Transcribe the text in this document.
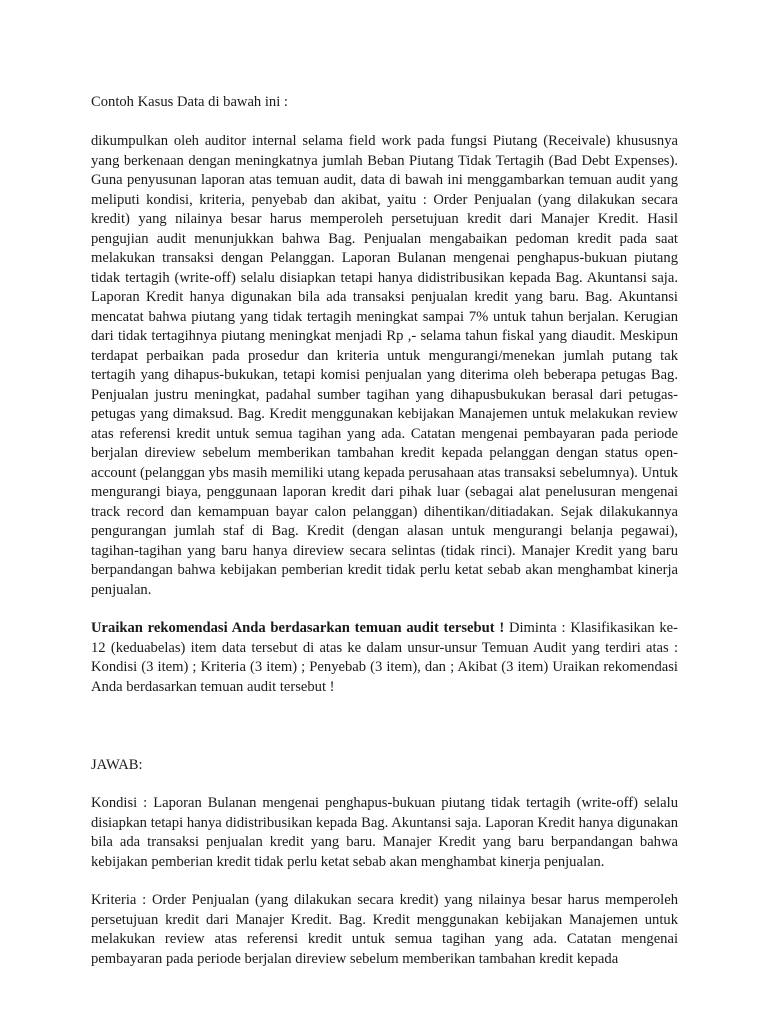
Contoh Kasus Data di bawah ini :

dikumpulkan oleh auditor internal selama field work pada fungsi Piutang (Receivale) khususnya yang berkenaan dengan meningkatnya jumlah Beban Piutang Tidak Tertagih (Bad Debt Expenses). Guna penyusunan laporan atas temuan audit, data di bawah ini menggambarkan temuan audit yang meliputi kondisi, kriteria, penyebab dan akibat, yaitu : Order Penjualan (yang dilakukan secara kredit) yang nilainya besar harus memperoleh persetujuan kredit dari Manajer Kredit. Hasil pengujian audit menunjukkan bahwa Bag. Penjualan mengabaikan pedoman kredit pada saat melakukan transaksi dengan Pelanggan. Laporan Bulanan mengenai penghapus-bukuan piutang tidak tertagih (write-off) selalu disiapkan tetapi hanya didistribusikan kepada Bag. Akuntansi saja. Laporan Kredit hanya digunakan bila ada transaksi penjualan kredit yang baru. Bag. Akuntansi mencatat bahwa piutang yang tidak tertagih meningkat sampai 7% untuk tahun berjalan. Kerugian dari tidak tertagihnya piutang meningkat menjadi Rp ,- selama tahun fiskal yang diaudit. Meskipun terdapat perbaikan pada prosedur dan kriteria untuk mengurangi/menekan jumlah putang tak tertagih yang dihapus-bukukan, tetapi komisi penjualan yang diterima oleh beberapa petugas Bag. Penjualan justru meningkat, padahal sumber tagihan yang dihapusbukukan berasal dari petugas-petugas yang dimaksud. Bag. Kredit menggunakan kebijakan Manajemen untuk melakukan review atas referensi kredit untuk semua tagihan yang ada. Catatan mengenai pembayaran pada periode berjalan direview sebelum memberikan tambahan kredit kepada pelanggan dengan status open-account (pelanggan ybs masih memiliki utang kepada perusahaan atas transaksi sebelumnya). Untuk mengurangi biaya, penggunaan laporan kredit dari pihak luar (sebagai alat penelusuran mengenai track record dan kemampuan bayar calon pelanggan) dihentikan/ditiadakan. Sejak dilakukannya pengurangan jumlah staf di Bag. Kredit (dengan alasan untuk mengurangi belanja pegawai), tagihan-tagihan yang baru hanya direview secara selintas (tidak rinci). Manajer Kredit yang baru berpandangan bahwa kebijakan pemberian kredit tidak perlu ketat sebab akan menghambat kinerja penjualan.

Uraikan rekomendasi Anda berdasarkan temuan audit tersebut ! Diminta : Klasifikasikan ke-12 (keduabelas) item data tersebut di atas ke dalam unsur-unsur Temuan Audit yang terdiri atas : Kondisi (3 item) ; Kriteria (3 item) ; Penyebab (3 item), dan ; Akibat (3 item) Uraikan rekomendasi Anda berdasarkan temuan audit tersebut !

JAWAB:

Kondisi : Laporan Bulanan mengenai penghapus-bukuan piutang tidak tertagih (write-off) selalu disiapkan tetapi hanya didistribusikan kepada Bag. Akuntansi saja. Laporan Kredit hanya digunakan bila ada transaksi penjualan kredit yang baru. Manajer Kredit yang baru berpandangan bahwa kebijakan pemberian kredit tidak perlu ketat sebab akan menghambat kinerja penjualan.

Kriteria : Order Penjualan (yang dilakukan secara kredit) yang nilainya besar harus memperoleh persetujuan kredit dari Manajer Kredit. Bag. Kredit menggunakan kebijakan Manajemen untuk melakukan review atas referensi kredit untuk semua tagihan yang ada. Catatan mengenai pembayaran pada periode berjalan direview sebelum memberikan tambahan kredit kepada
